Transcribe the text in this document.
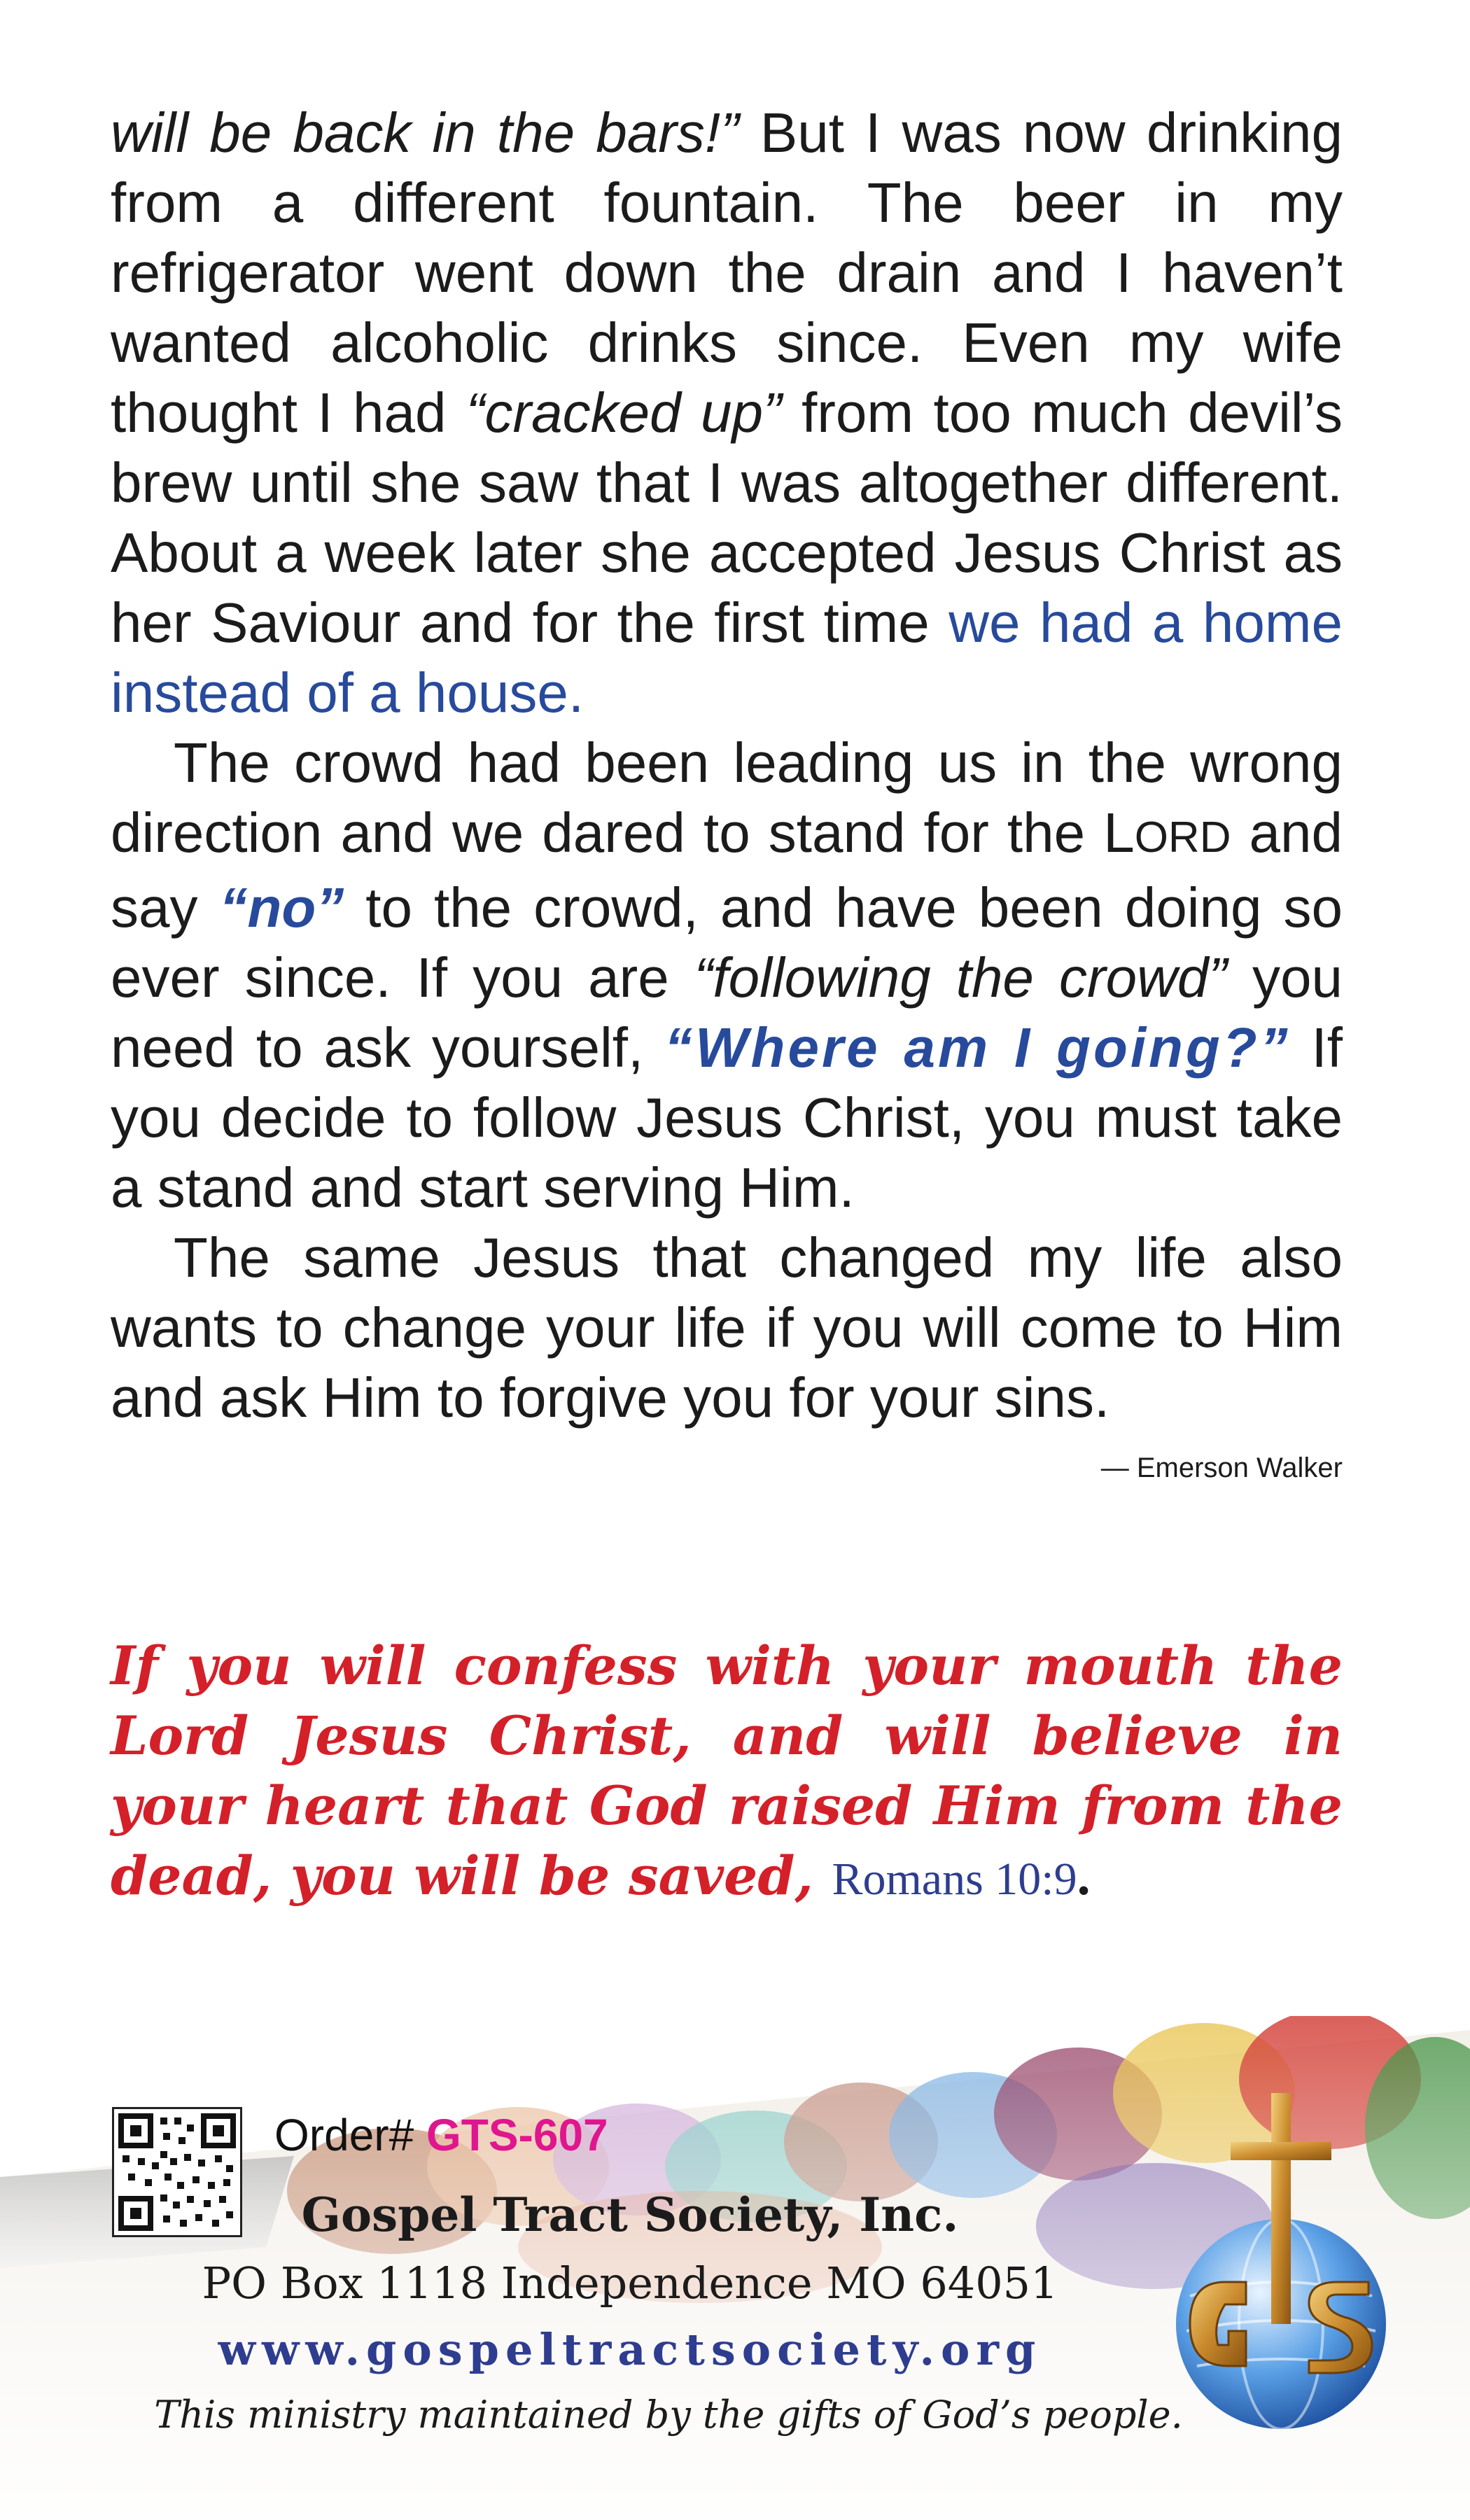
will be back in the bars!” But I was now drinking from a different fountain. The beer in my refrigerator went down the drain and I haven’t wanted alcoholic drinks since. Even my wife thought I had “cracked up” from too much devil’s brew until she saw that I was altogether different. About a week later she accepted Jesus Christ as her Saviour and for the first time we had a home instead of a house.

The crowd had been leading us in the wrong direction and we dared to stand for the LORD and say “no” to the crowd, and have been doing so ever since. If you are “following the crowd” you need to ask yourself, “Where am I going?” If you decide to follow Jesus Christ, you must take a stand and start serving Him.

The same Jesus that changed my life also wants to change your life if you will come to Him and ask Him to forgive you for your sins.
— Emerson Walker

If you will confess with your mouth the Lord Jesus Christ, and will believe in your heart that God raised Him from the dead, you will be saved, Romans 10:9.

Order# GTS-607
Gospel Tract Society, Inc.
PO Box 1118 Independence MO 64051
www.gospeltractsociety.org
This ministry maintained by the gifts of God’s people.
